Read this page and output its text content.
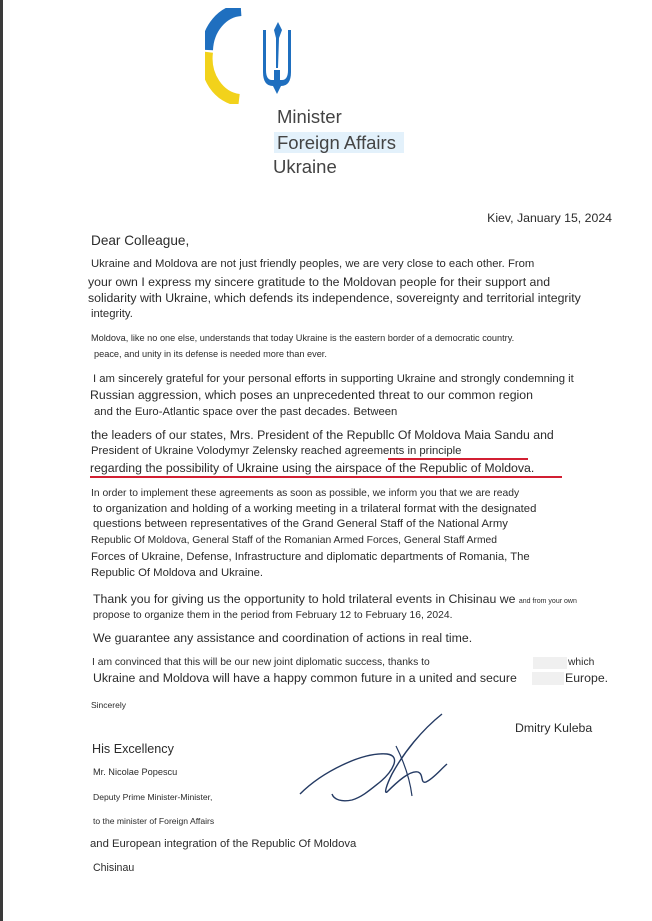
Minister
Foreign Affairs
Ukraine
Kiev, January 15, 2024
Dear Colleague,
Ukraine and Moldova are not just friendly peoples, we are very close to each other. From
your own I express my sincere gratitude to the Moldovan people for their support and
solidarity with Ukraine, which defends its independence, sovereignty and territorial integrity
integrity.
Moldova, like no one else, understands that today Ukraine is the eastern border of a democratic country.
peace, and unity in its defense is needed more than ever.
I am sincerely grateful for your personal efforts in supporting Ukraine and strongly condemning it
Russian aggression, which poses an unprecedented threat to our common region
and the Euro-Atlantic space over the past decades. Between
the leaders of our states, Mrs. President of the Republlc Of Moldova Maia Sandu and
President of Ukraine Volodymyr Zelensky reached agreements in principle
regarding the possibility of Ukraine using the airspace of the Republic of Moldova.
In order to implement these agreements as soon as possible, we inform you that we are ready
to organization and holding of a working meeting in a trilateral format with the designated
questions between representatives of the Grand General Staff of the National Army
Republic Of Moldova, General Staff of the Romanian Armed Forces, General Staff Armed
Forces of Ukraine, Defense, Infrastructure and diplomatic departments of Romania, The
Republic Of Moldova and Ukraine.
Thank you for giving us the opportunity to hold trilateral events in Chisinau we and from your own
propose to organize them in the period from February 12 to February 16, 2024.
We guarantee any assistance and coordination of actions in real time.
I am convinced that this will be our new joint diplomatic success, thanks to	which
Ukraine and Moldova will have a happy common future in a united and secure	Europe.
Sincerely
Dmitry Kuleba
His Excellency
Mr. Nicolae Popescu
Deputy Prime Minister-Minister,
to the minister of Foreign Affairs
and European integration of the Republic Of Moldova
Chisinau
